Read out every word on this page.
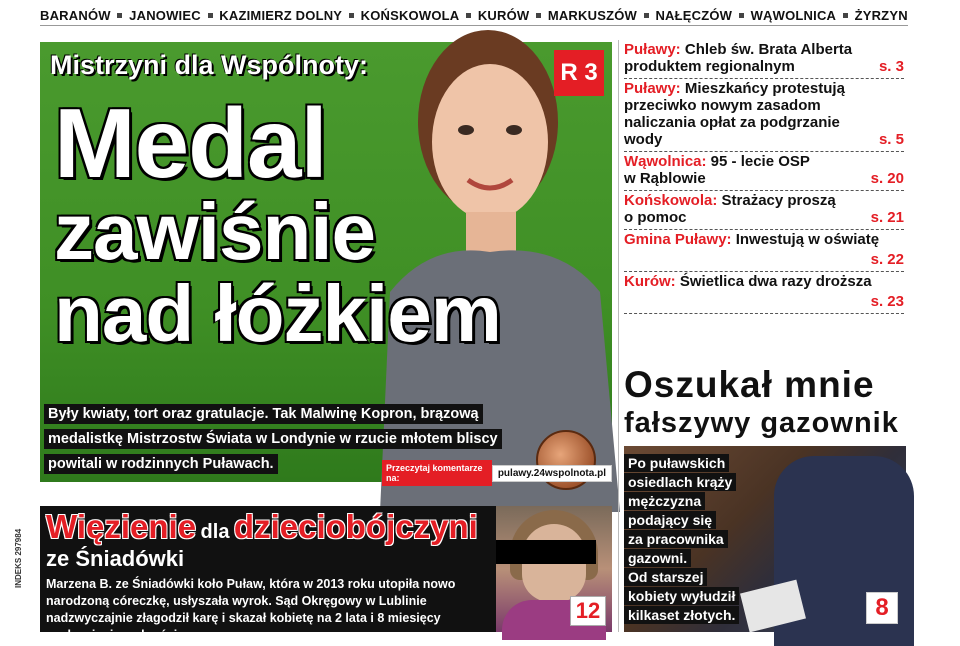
BARANÓW JANOWIEC KAZIMIERZ DOLNY KOŃSKOWOLA KURÓW MARKUSZÓW NAŁĘCZÓW WĄWOLNICA ŻYRZYN
Mistrzyni dla Wspólnoty:
Medal
zawiśnie
nad łóżkiem
R 3
Były kwiaty, tort oraz gratulacje. Tak Malwinę Kopron, brązową
medalistkę Mistrzostw Świata w Londynie w rzucie młotem bliscy
powitali w rodzinnych Puławach.	Przeczytaj komentarze na:	pulawy.24wspolnota.pl
Puławy: Chleb św. Brata Alberta
produktem regionalnym	s. 3
Puławy: Mieszkańcy protestują
przeciwko nowym zasadom naliczania opłat za podgrzanie wody	s. 5
Wąwolnica: 95 - lecie OSP
w Rąblowie	s. 20
Końskowola: Strażacy proszą
o pomoc	s. 21
Gmina Puławy: Inwestują w oświatę
s. 22
Kurów: Świetlica dwa razy droższa
s. 23
Oszukał mnie
fałszywy gazownik
Po puławskich
osiedlach krąży
mężczyzna
podający się
za pracownika
gazowni.
Od starszej
kobiety wyłudził
kilkaset złotych.	8
Więzienie dla dzieciobójczyni
ze Śniadówki
Marzena B. ze Śniadówki koło Puław, która w 2013 roku utopiła nowo narodzoną córeczkę, usłyszała wyrok. Sąd Okręgowy w Lublinie nadzwyczajnie złagodził karę i skazał kobietę na 2 lata i 8 miesięcy pozbawienia wolności.
12
INDEKS 297984
